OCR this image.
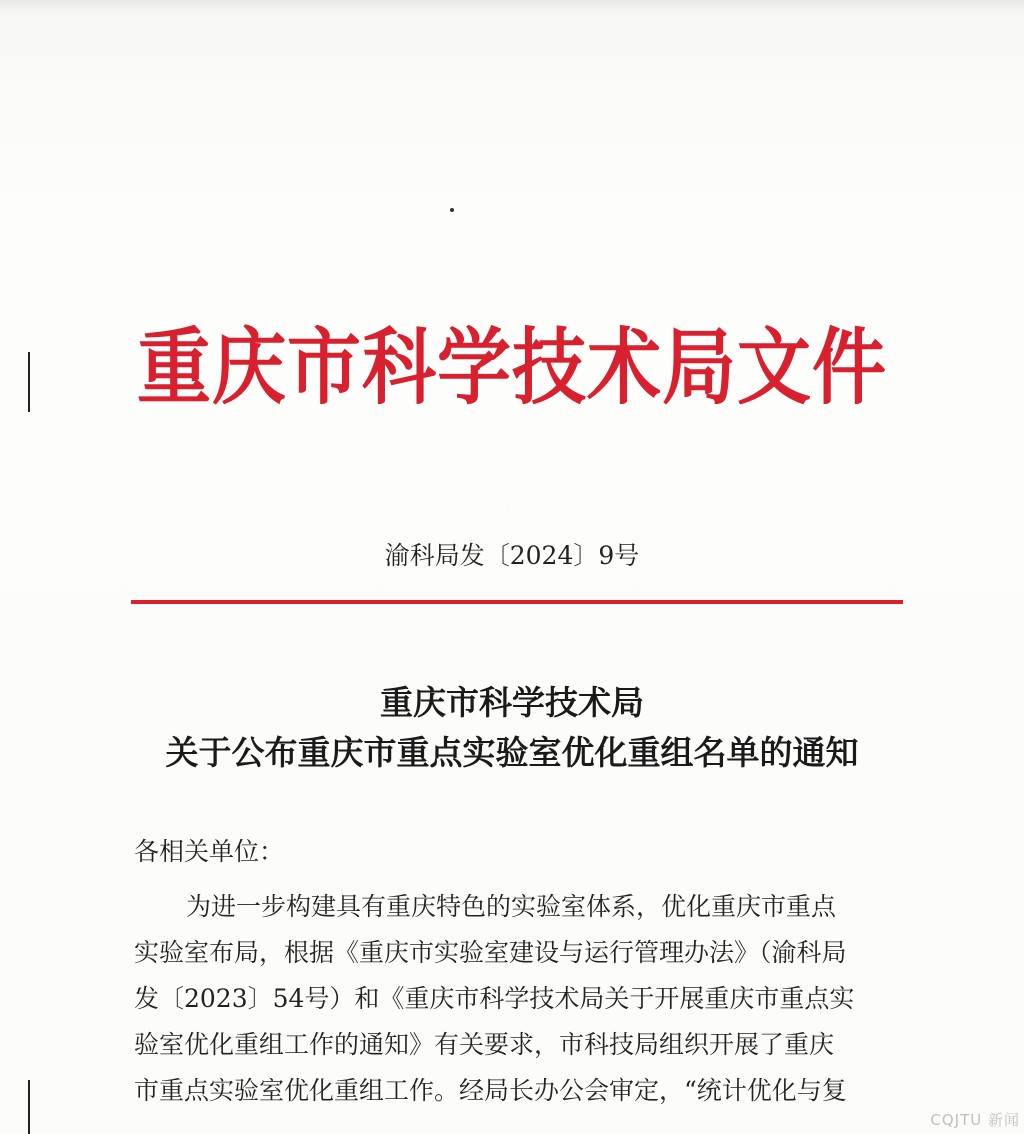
重庆市科学技术局文件
渝科局发〔2024〕9号
重庆市科学技术局
关于公布重庆市重点实验室优化重组名单的通知
各相关单位：
为进一步构建具有重庆特色的实验室体系，优化重庆市重点
实验室布局，根据《重庆市实验室建设与运行管理办法》（渝科局
发〔2023〕54号）和《重庆市科学技术局关于开展重庆市重点实
验室优化重组工作的通知》有关要求，市科技局组织开展了重庆
市重点实验室优化重组工作。经局长办公会审定，“统计优化与复
CQJTU 新闻
